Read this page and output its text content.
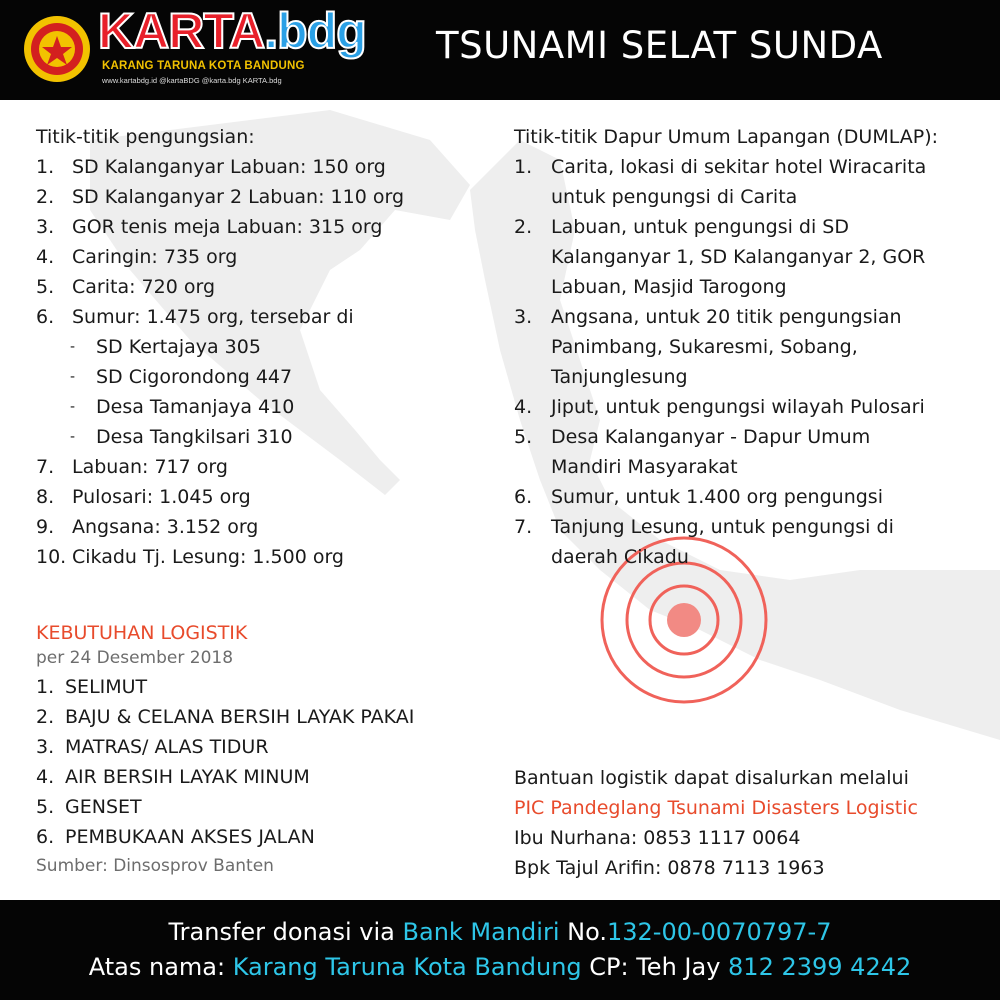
KARTA.bdg
KARANG TARUNA KOTA BANDUNG
www.kartabdg.id @kartaBDG @karta.bdg KARTA.bdg
TSUNAMI SELAT SUNDA
Titik-titik pengungsian:
1. SD Kalanganyar Labuan: 150 org
2. SD Kalanganyar 2 Labuan: 110 org
3. GOR tenis meja Labuan: 315 org
4. Caringin: 735 org
5. Carita: 720 org
6. Sumur: 1.475 org, tersebar di
- SD Kertajaya 305
- SD Cigorondong 447
- Desa Tamanjaya 410
- Desa Tangkilsari 310
7. Labuan: 717 org
8. Pulosari: 1.045 org
9. Angsana: 3.152 org
10. Cikadu Tj. Lesung: 1.500 org
Titik-titik Dapur Umum Lapangan (DUMLAP):
1. Carita, lokasi di sekitar hotel Wiracarita
untuk pengungsi di Carita
2. Labuan, untuk pengungsi di SD
Kalanganyar 1, SD Kalanganyar 2, GOR
Labuan, Masjid Tarogong
3. Angsana, untuk 20 titik pengungsian
Panimbang, Sukaresmi, Sobang,
Tanjunglesung
4. Jiput, untuk pengungsi wilayah Pulosari
5. Desa Kalanganyar - Dapur Umum
Mandiri Masyarakat
6. Sumur, untuk 1.400 org pengungsi
7. Tanjung Lesung, untuk pengungsi di
daerah Cikadu
KEBUTUHAN LOGISTIK
per 24 Desember 2018
1. SELIMUT
2. BAJU & CELANA BERSIH LAYAK PAKAI
3. MATRAS/ ALAS TIDUR
4. AIR BERSIH LAYAK MINUM
5. GENSET
6. PEMBUKAAN AKSES JALAN
Sumber: Dinsosprov Banten
Bantuan logistik dapat disalurkan melalui
PIC Pandeglang Tsunami Disasters Logistic
Ibu Nurhana: 0853 1117 0064
Bpk Tajul Arifin: 0878 7113 1963
Transfer donasi via Bank Mandiri No.132-00-0070797-7
Atas nama: Karang Taruna Kota Bandung CP: Teh Jay 812 2399 4242
